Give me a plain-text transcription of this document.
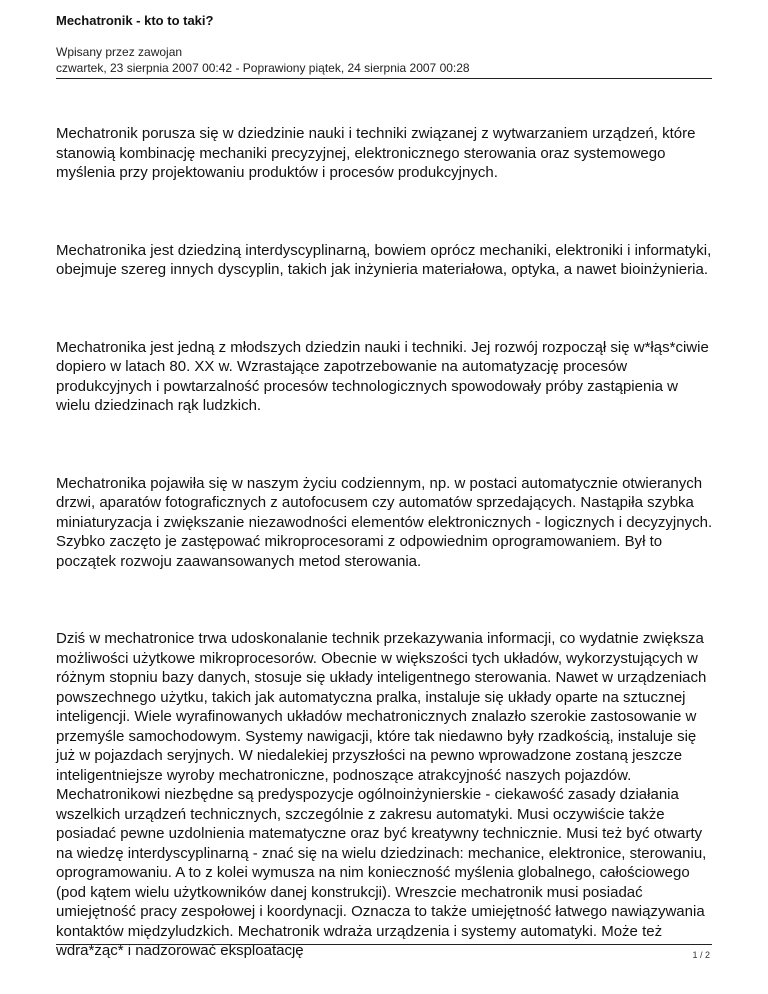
Mechatronik - kto to taki?
Wpisany przez zawojan
czwartek, 23 sierpnia 2007 00:42 - Poprawiony piątek, 24 sierpnia 2007 00:28

Mechatronik porusza się w dziedzinie nauki i techniki związanej z wytwarzaniem urządzeń, które stanowią kombinację mechaniki precyzyjnej, elektronicznego sterowania oraz systemowego myślenia przy projektowaniu produktów i procesów produkcyjnych.

Mechatronika jest dziedziną interdyscyplinarną, bowiem oprócz mechaniki, elektroniki i informatyki, obejmuje szereg innych dyscyplin, takich jak inżynieria materiałowa, optyka, a nawet bioinżynieria.

Mechatronika jest jedną z młodszych dziedzin nauki i techniki. Jej rozwój rozpoczął się w*łąs*ciwie dopiero w latach 80. XX w. Wzrastające zapotrzebowanie na automatyzację procesów produkcyjnych i powtarzalność procesów technologicznych spowodowały próby zastąpienia w wielu dziedzinach rąk ludzkich.

Mechatronika pojawiła się w naszym życiu codziennym, np. w postaci automatycznie otwieranych drzwi, aparatów fotograficznych z autofocusem czy automatów sprzedających. Nastąpiła szybka miniaturyzacja i zwiększanie niezawodności elementów elektronicznych - logicznych i decyzyjnych. Szybko zaczęto je zastępować mikroprocesorami z odpowiednim oprogramowaniem. Był to początek rozwoju zaawansowanych metod sterowania.

Dziś w mechatronice trwa udoskonalanie technik przekazywania informacji, co wydatnie zwiększa możliwości użytkowe mikroprocesorów. Obecnie w większości tych układów, wykorzystujących w różnym stopniu bazy danych, stosuje się układy inteligentnego sterowania. Nawet w urządzeniach powszechnego użytku, takich jak automatyczna pralka, instaluje się układy oparte na sztucznej inteligencji. Wiele wyrafinowanych układów mechatronicznych znalazło szerokie zastosowanie w przemyśle samochodowym. Systemy nawigacji, które tak niedawno były rzadkością, instaluje się już w pojazdach seryjnych. W niedalekiej przyszłości na pewno wprowadzone zostaną jeszcze inteligentniejsze wyroby mechatroniczne, podnoszące atrakcyjność naszych pojazdów. Mechatronikowi niezbędne są predyspozycje ogólnoinżynierskie - ciekawość zasady działania wszelkich urządzeń technicznych, szczególnie z zakresu automatyki. Musi oczywiście także posiadać pewne uzdolnienia matematyczne oraz być kreatywny technicznie. Musi też być otwarty na wiedzę interdyscyplinarną - znać się na wielu dziedzinach: mechanice, elektronice, sterowaniu, oprogramowaniu. A to z kolei wymusza na nim konieczność myślenia globalnego, całościowego (pod kątem wielu użytkowników danej konstrukcji). Wreszcie mechatronik musi posiadać umiejętność pracy zespołowej i koordynacji. Oznacza to także umiejętność łatwego nawiązywania kontaktów międzyludzkich. Mechatronik wdraża urządzenia i systemy automatyki. Może też wdra*żąc* i nadzorować eksploatację	1 / 2
